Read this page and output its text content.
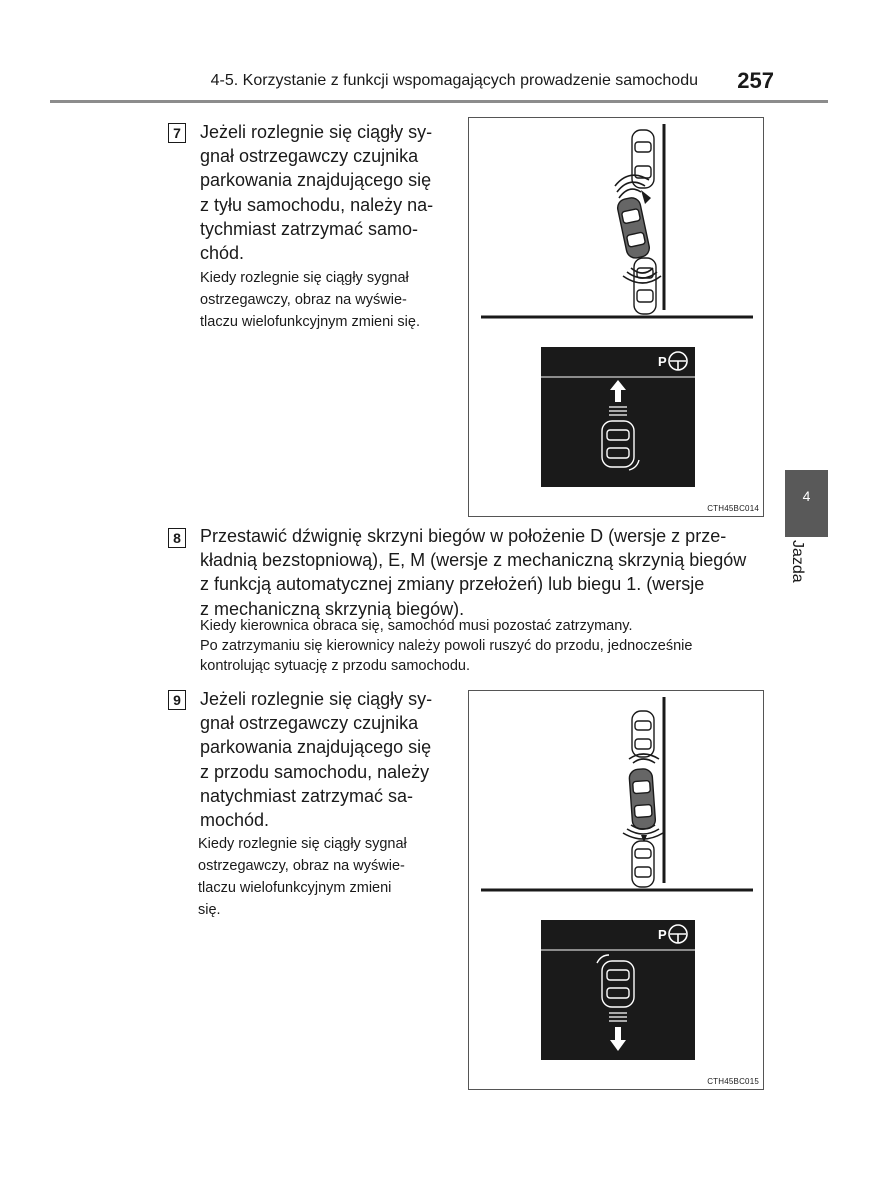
4-5. Korzystanie z funkcji wspomagających prowadzenie samochodu	257
4
Jazda
7 Jeżeli rozlegnie się ciągły sy-
gnał ostrzegawczy czujnika
parkowania znajdującego się
z tyłu samochodu, należy na-
tychmiast zatrzymać samo-
chód.
Kiedy rozlegnie się ciągły sygnał
ostrzegawczy, obraz na wyświe-
tlaczu wielofunkcyjnym zmieni się.
P
CTH45BC014
8 Przestawić dźwignię skrzyni biegów w położenie D (wersje z prze-
kładnią bezstopniową), E, M (wersje z mechaniczną skrzynią biegów
z funkcją automatycznej zmiany przełożeń) lub biegu 1. (wersje
z mechaniczną skrzynią biegów).
Kiedy kierownica obraca się, samochód musi pozostać zatrzymany.
Po zatrzymaniu się kierownicy należy powoli ruszyć do przodu, jednocześnie
kontrolując sytuację z przodu samochodu.
9 Jeżeli rozlegnie się ciągły sy-
gnał ostrzegawczy czujnika
parkowania znajdującego się
z przodu samochodu, należy
natychmiast zatrzymać sa-
mochód.
Kiedy rozlegnie się ciągły sygnał
ostrzegawczy, obraz na wyświe-
tlaczu wielofunkcyjnym zmieni
się.
P
CTH45BC015
